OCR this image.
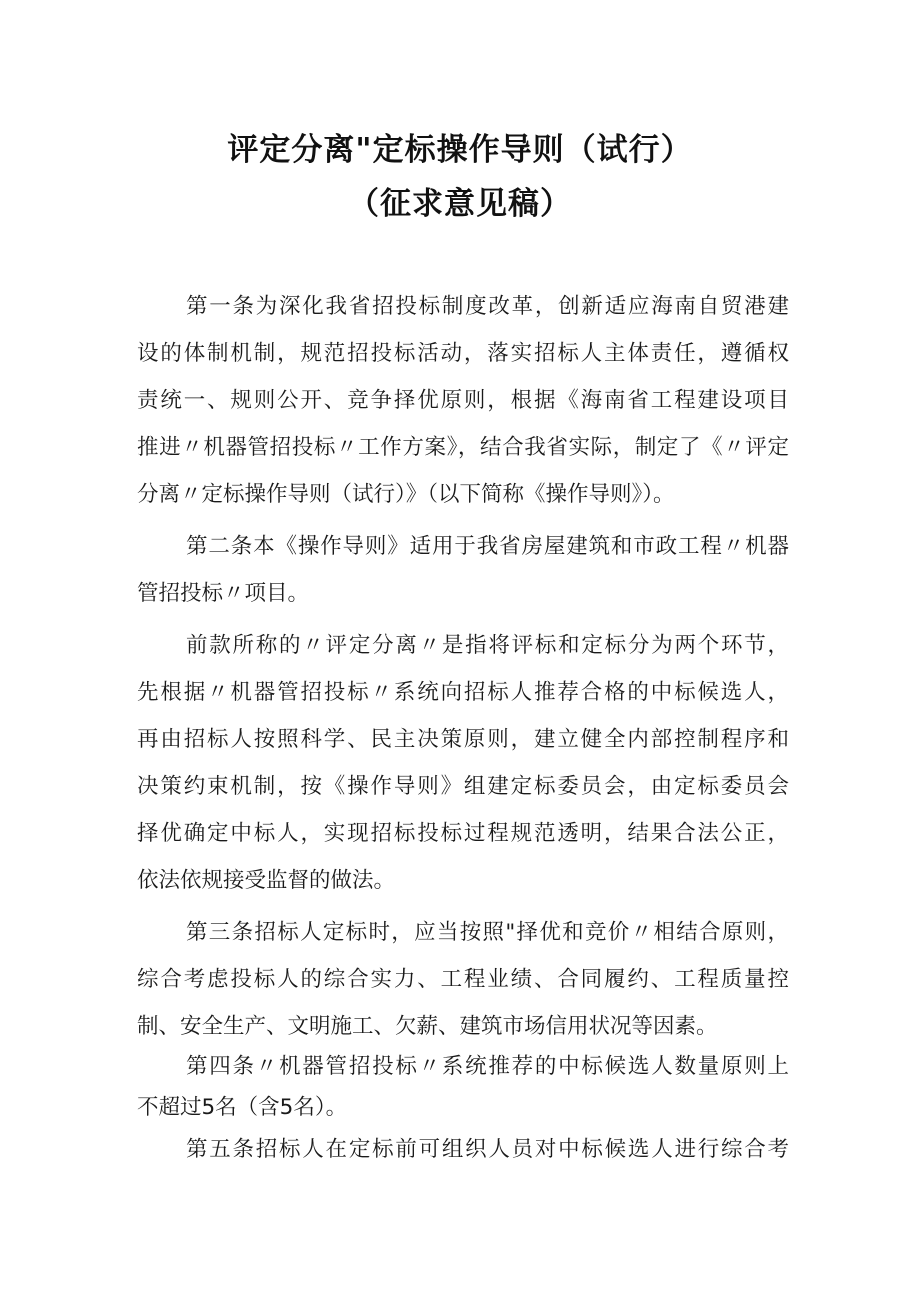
评定分离"定标操作导则（试行）
（征求意见稿）
第一条为深化我省招投标制度改革，创新适应海南自贸港建
设的体制机制，规范招投标活动，落实招标人主体责任，遵循权
责统一、规则公开、竞争择优原则，根据《海南省工程建设项目
推进〃机器管招投标〃工作方案》，结合我省实际，制定了《〃评定
分离〃定标操作导则（试行）》（以下简称《操作导则》）。
第二条本《操作导则》适用于我省房屋建筑和市政工程〃机器
管招投标〃项目。
前款所称的〃评定分离〃是指将评标和定标分为两个环节，
先根据〃机器管招投标〃系统向招标人推荐合格的中标候选人，
再由招标人按照科学、民主决策原则，建立健全内部控制程序和
决策约束机制，按《操作导则》组建定标委员会，由定标委员会
择优确定中标人，实现招标投标过程规范透明，结果合法公正，
依法依规接受监督的做法。
第三条招标人定标时，应当按照"择优和竞价〃相结合原则，
综合考虑投标人的综合实力、工程业绩、合同履约、工程质量控
制、安全生产、文明施工、欠薪、建筑市场信用状况等因素。
第四条〃机器管招投标〃系统推荐的中标候选人数量原则上
不超过5名（含5名）。
第五条招标人在定标前可组织人员对中标候选人进行综合考
